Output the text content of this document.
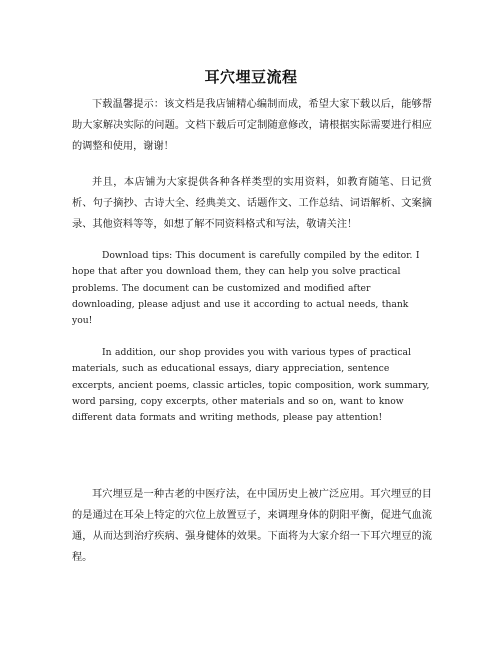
耳穴埋豆流程

下载温馨提示：该文档是我店铺精心编制而成，希望大家下载以后，能够帮助大家解决实际的问题。文档下载后可定制随意修改，请根据实际需要进行相应的调整和使用，谢谢！

并且，本店铺为大家提供各种各样类型的实用资料，如教育随笔、日记赏析、句子摘抄、古诗大全、经典美文、话题作文、工作总结、词语解析、文案摘录、其他资料等等，如想了解不同资料格式和写法，敬请关注！

Download tips: This document is carefully compiled by the editor. I hope that after you download them, they can help you solve practical problems. The document can be customized and modified after downloading, please adjust and use it according to actual needs, thank you!

In addition, our shop provides you with various types of practical materials, such as educational essays, diary appreciation, sentence excerpts, ancient poems, classic articles, topic composition, work summary, word parsing, copy excerpts, other materials and so on, want to know different data formats and writing methods, please pay attention!

耳穴埋豆是一种古老的中医疗法，在中国历史上被广泛应用。耳穴埋豆的目的是通过在耳朵上特定的穴位上放置豆子，来调理身体的阴阳平衡，促进气血流通，从而达到治疗疾病、强身健体的效果。下面将为大家介绍一下耳穴埋豆的流程。
